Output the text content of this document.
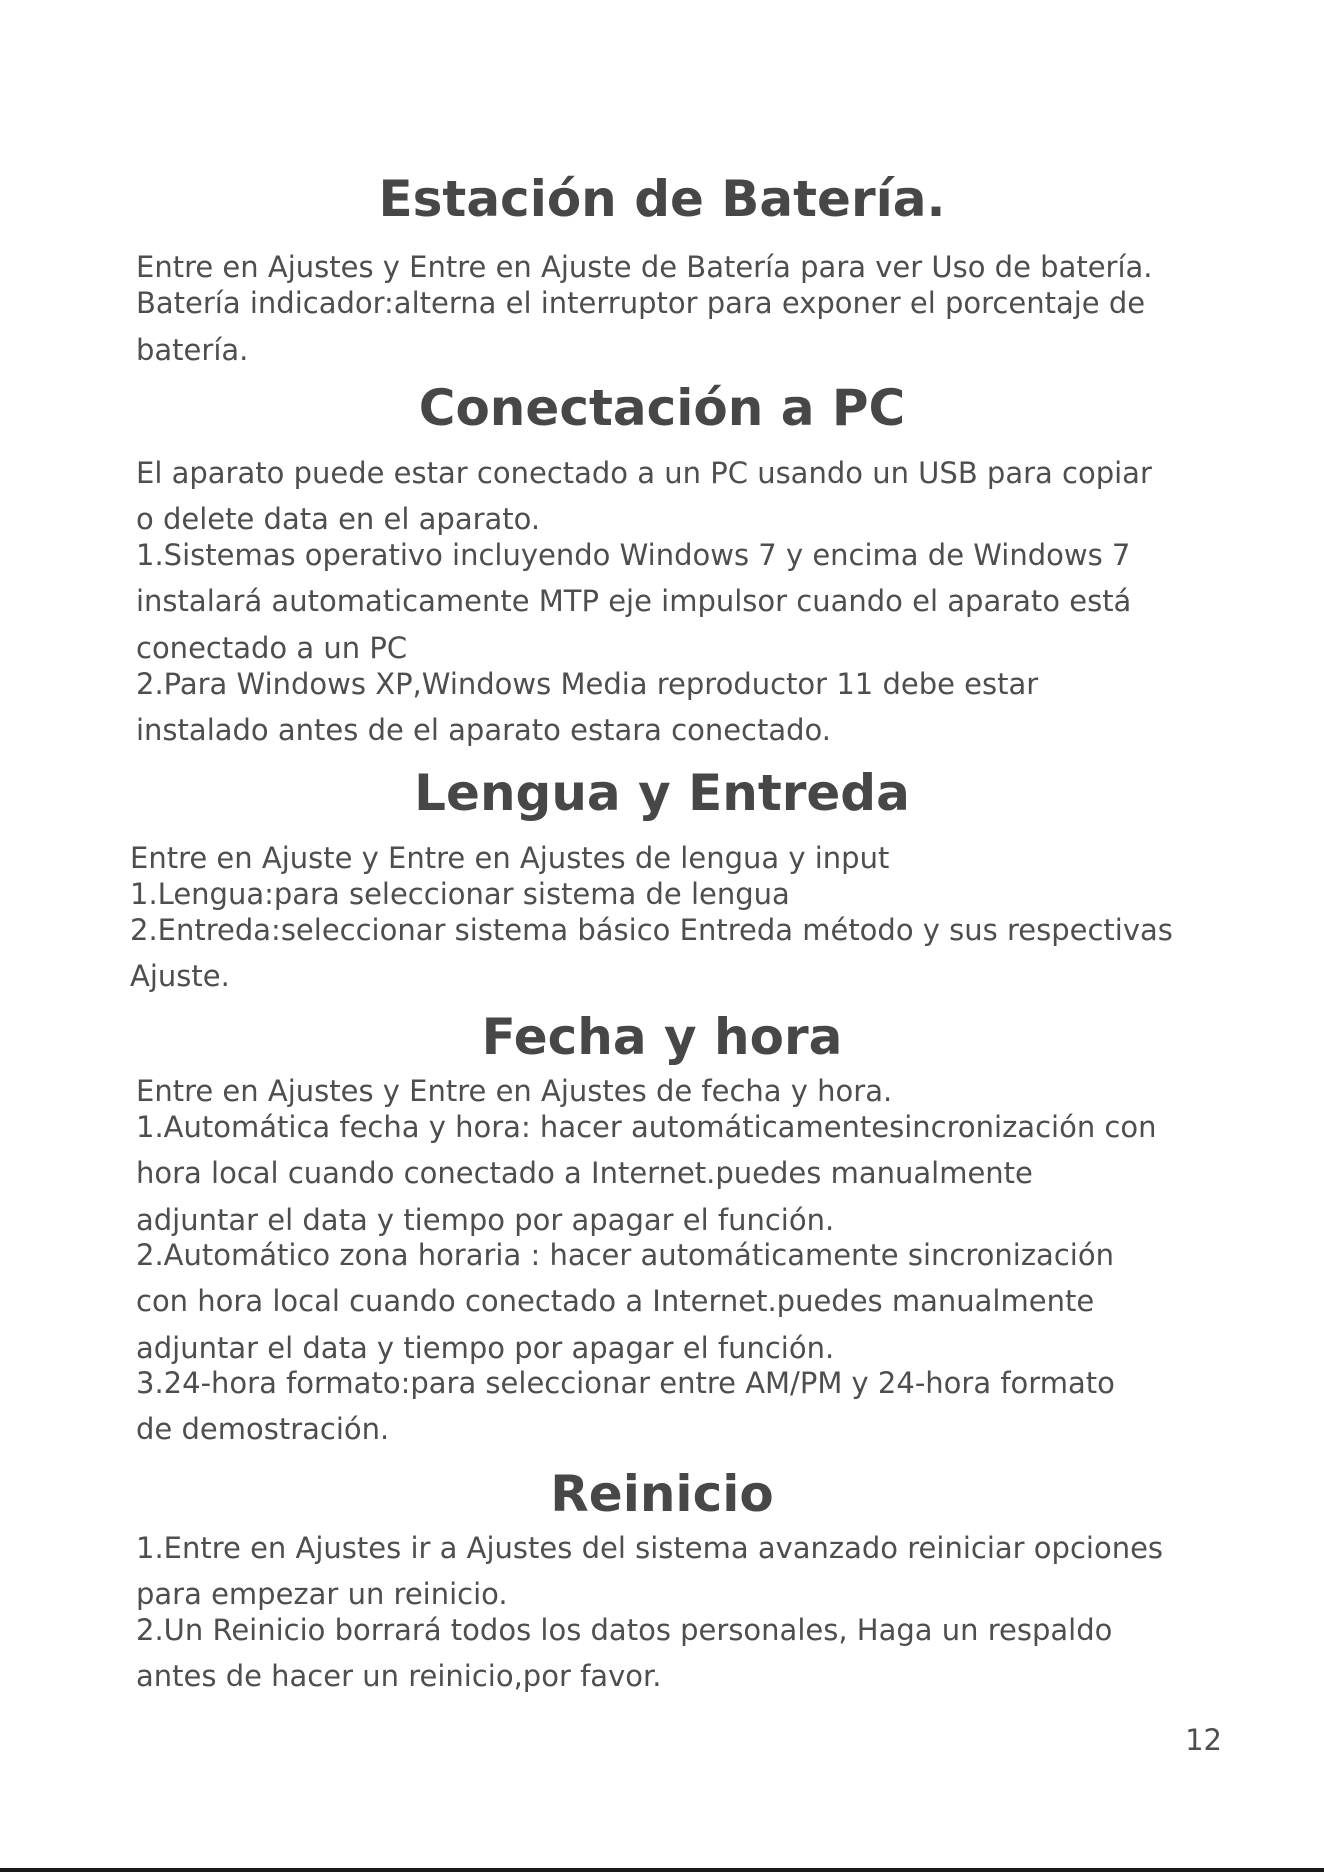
Estación de Batería.

Entre en Ajustes y Entre en Ajuste de Batería para ver Uso de batería.

Batería indicador:alterna el interruptor para exponer el porcentaje de

batería.

Conectación a PC

El aparato puede estar conectado a un PC usando un USB para copiar

o delete data en el aparato.

1.Sistemas operativo incluyendo Windows 7 y encima de Windows 7

instalará automaticamente MTP eje impulsor cuando el aparato está

conectado a un PC

2.Para Windows XP,Windows Media reproductor 11 debe estar

instalado antes de el aparato estara conectado.

Lengua y Entreda

Entre en Ajuste y Entre en Ajustes de lengua y input

1.Lengua:para seleccionar sistema de lengua

2.Entreda:seleccionar sistema básico Entreda método y sus respectivas

Ajuste.

Fecha y hora

Entre en Ajustes y Entre en Ajustes de fecha y hora.

1.Automática fecha y hora: hacer automáticamentesincronización con

hora local cuando conectado a Internet.puedes manualmente

adjuntar el data y tiempo por apagar el función.

2.Automático zona horaria : hacer automáticamente sincronización

con hora local cuando conectado a Internet.puedes manualmente

adjuntar el data y tiempo por apagar el función.

3.24-hora formato:para seleccionar entre AM/PM y 24-hora formato

de demostración.

Reinicio

1.Entre en Ajustes ir a Ajustes del sistema avanzado reiniciar opciones

para empezar un reinicio.

2.Un Reinicio borrará todos los datos personales, Haga un respaldo

antes de hacer un reinicio,por favor.

12
